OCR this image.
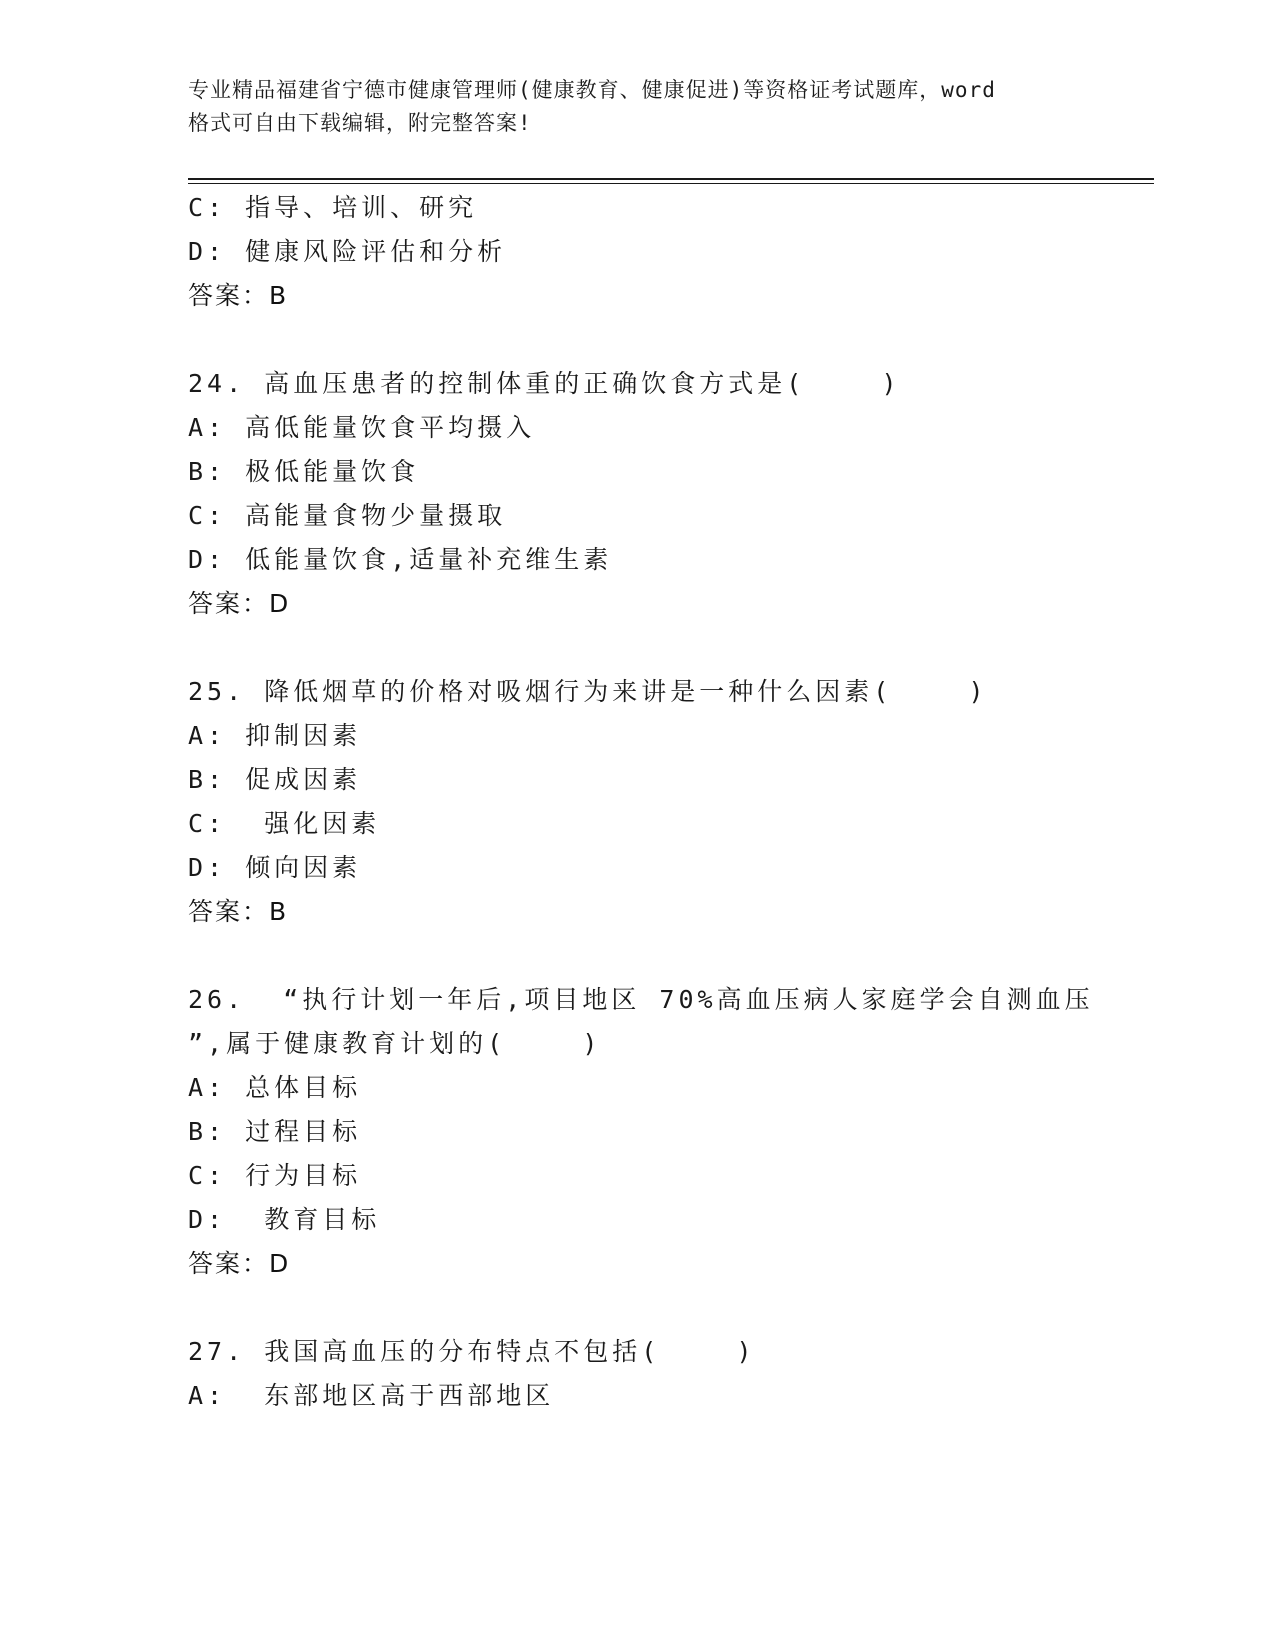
专业精品福建省宁德市健康管理师(健康教育、健康促进)等资格证考试题库，word
格式可自由下载编辑，附完整答案!
C: 指导、培训、研究
D: 健康风险评估和分析
答案：B
24. 高血压患者的控制体重的正确饮食方式是(    )
A: 高低能量饮食平均摄入
B: 极低能量饮食
C: 高能量食物少量摄取
D: 低能量饮食,适量补充维生素
答案：D
25. 降低烟草的价格对吸烟行为来讲是一种什么因素(    )
A: 抑制因素
B: 促成因素
C:  强化因素
D: 倾向因素
答案：B
26.  “执行计划一年后,项目地区 70%高血压病人家庭学会自测血压
”,属于健康教育计划的(    )
A: 总体目标
B: 过程目标
C: 行为目标
D:  教育目标
答案：D
27. 我国高血压的分布特点不包括(    )
A:  东部地区高于西部地区
